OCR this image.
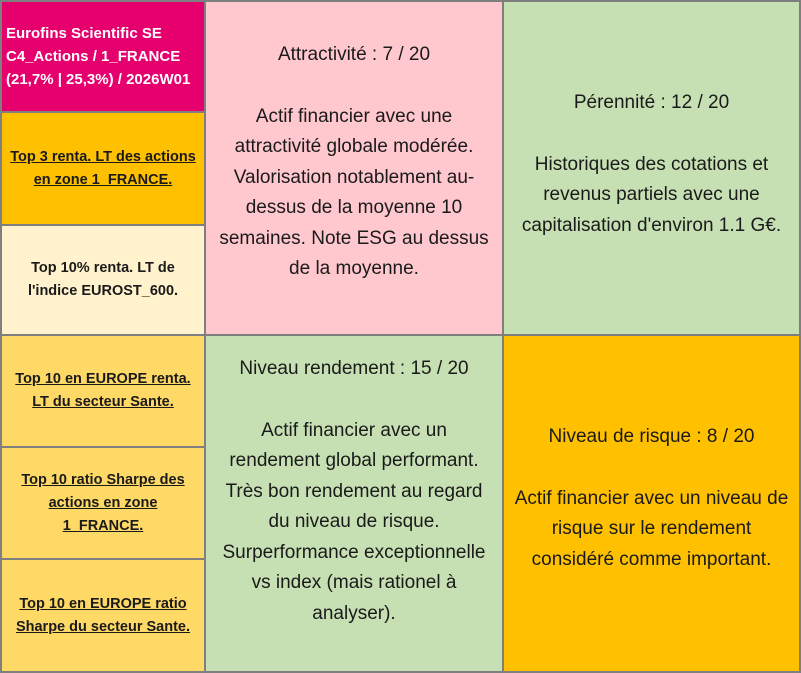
Eurofins Scientific SE
C4_Actions / 1_FRANCE
(21,7% | 25,3%) / 2026W01
Top 3 renta. LT des actions
en zone 1_FRANCE.
Top 10% renta. LT de
l'indice EUROST_600.
Top 10 en EUROPE renta.
LT du secteur Sante.
Top 10 ratio Sharpe des
actions en zone 1_FRANCE.
Top 10 en EUROPE ratio
Sharpe du secteur Sante.
Attractivité : 7 / 20
Actif financier avec une
attractivité globale modérée.
Valorisation notablement au-
dessus de la moyenne 10
semaines. Note ESG au dessus
de la moyenne.
Pérennité : 12 / 20
Historiques des cotations et
revenus partiels avec une
capitalisation d'environ 1.1 G€.
Niveau rendement : 15 / 20
Actif financier avec un
rendement global performant.
Très bon rendement au regard
du niveau de risque.
Surperformance exceptionnelle
vs index (mais rationel à
analyser).
Niveau de risque : 8 / 20
Actif financier avec un niveau de
risque sur le rendement
considéré comme important.
